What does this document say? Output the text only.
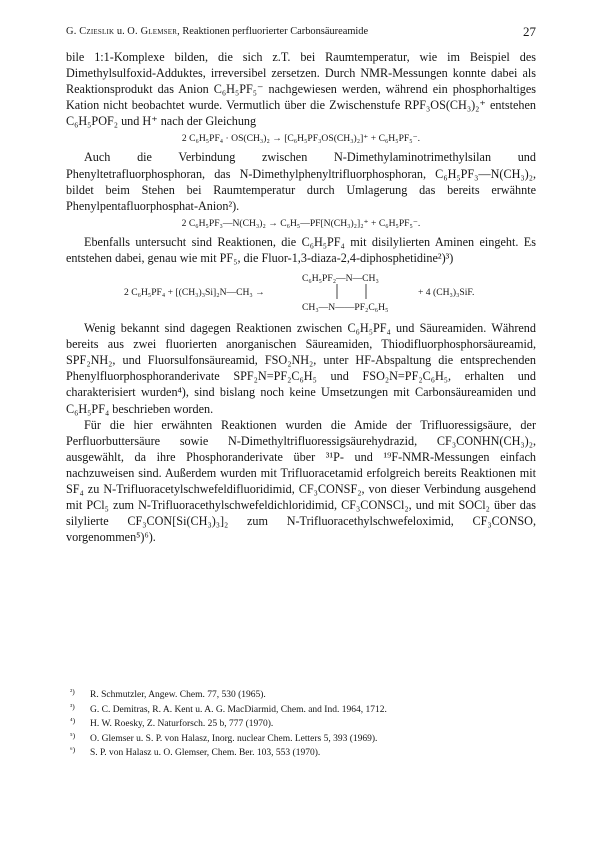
G. Czieslik u. O. Glemser, Reaktionen perfluorierter Carbonsäureamide	27

bile 1:1-Komplexe bilden, die sich z.T. bei Raumtemperatur, wie im Beispiel des Dimethylsulfoxid-Adduktes, irreversibel zersetzen. Durch NMR-Messungen konnte dabei als Reaktionsprodukt das Anion C₆H₅PF₅⁻ nachgewiesen werden, während ein phosphorhaltiges Kation nicht beobachtet wurde. Vermutlich über die Zwischenstufe RPF₃OS(CH₃)₂⁺ entstehen C₆H₅POF₂ und H⁺ nach der Gleichung

2 C₆H₅PF₄ · OS(CH₃)₂ → [C₆H₅PF₃OS(CH₃)₂]⁺ + C₆H₅PF₅⁻.

Auch die Verbindung zwischen N-Dimethylaminotrimethylsilan und Phenyltetrafluorphosphoran, das N-Dimethylphenyltrifluorphosphoran, C₆H₅PF₃—N(CH₃)₂, bildet beim Stehen bei Raumtemperatur durch Umlagerung das bereits erwähnte Phenylpentafluorphosphat-Anion²).

2 C₆H₅PF₃—N(CH₃)₂ → C₆H₅—PF[N(CH₃)₂]₂⁺ + C₆H₅PF₅⁻.

Ebenfalls untersucht sind Reaktionen, die C₆H₅PF₄ mit disilylierten Aminen eingeht. Es entstehen dabei, genau wie mit PF₅, die Fluor-1,3-diaza-2,4-diphosphetidine²)³)

2 C₆H₅PF₄ + [(CH₃)₃Si]₂N—CH₃ →
C₆H₅PF₂—N—CH₃
CH₃—N——PF₂C₆H₅
+ 4 (CH₃)₃SiF.

Wenig bekannt sind dagegen Reaktionen zwischen C₆H₅PF₄ und Säureamiden. Während bereits aus zwei fluorierten anorganischen Säureamiden, Thiodifluorphosphorsäureamid, SPF₂NH₂, und Fluorsulfonsäureamid, FSO₂NH₂, unter HF-Abspaltung die entsprechenden Phenylfluorphosphoranderivate SPF₂N=PF₂C₆H₅ und FSO₂N=PF₂C₆H₅, erhalten und charakterisiert wurden⁴), sind bislang noch keine Umsetzungen mit Carbonsäureamiden und C₆H₅PF₄ beschrieben worden.

Für die hier erwähnten Reaktionen wurden die Amide der Trifluoressigsäure, der Perfluorbuttersäure sowie N-Dimethyltrifluoressigsäurehydrazid, CF₃CONHN(CH₃)₂, ausgewählt, da ihre Phosphoranderivate über ³¹P- und ¹⁹F-NMR-Messungen einfach nachzuweisen sind. Außerdem wurden mit Trifluoracetamid erfolgreich bereits Reaktionen mit SF₄ zu N-Trifluoracetylschwefeldifluoridimid, CF₃CONSF₂, von dieser Verbindung ausgehend mit PCl₅ zum N-Trifluoracethylschwefeldichloridimid, CF₃CONSCl₂, und mit SOCl₂ über das silylierte CF₃CON[Si(CH₃)₃]₂ zum N-Trifluoracethylschwefeloximid, CF₃CONSO, vorgenommen⁵)⁶).

²) R. Schmutzler, Angew. Chem. 77, 530 (1965).
³) G. C. Demitras, R. A. Kent u. A. G. MacDiarmid, Chem. and Ind. 1964, 1712.
⁴) H. W. Roesky, Z. Naturforsch. 25 b, 777 (1970).
⁵) O. Glemser u. S. P. von Halasz, Inorg. nuclear Chem. Letters 5, 393 (1969).
⁶) S. P. von Halasz u. O. Glemser, Chem. Ber. 103, 553 (1970).
